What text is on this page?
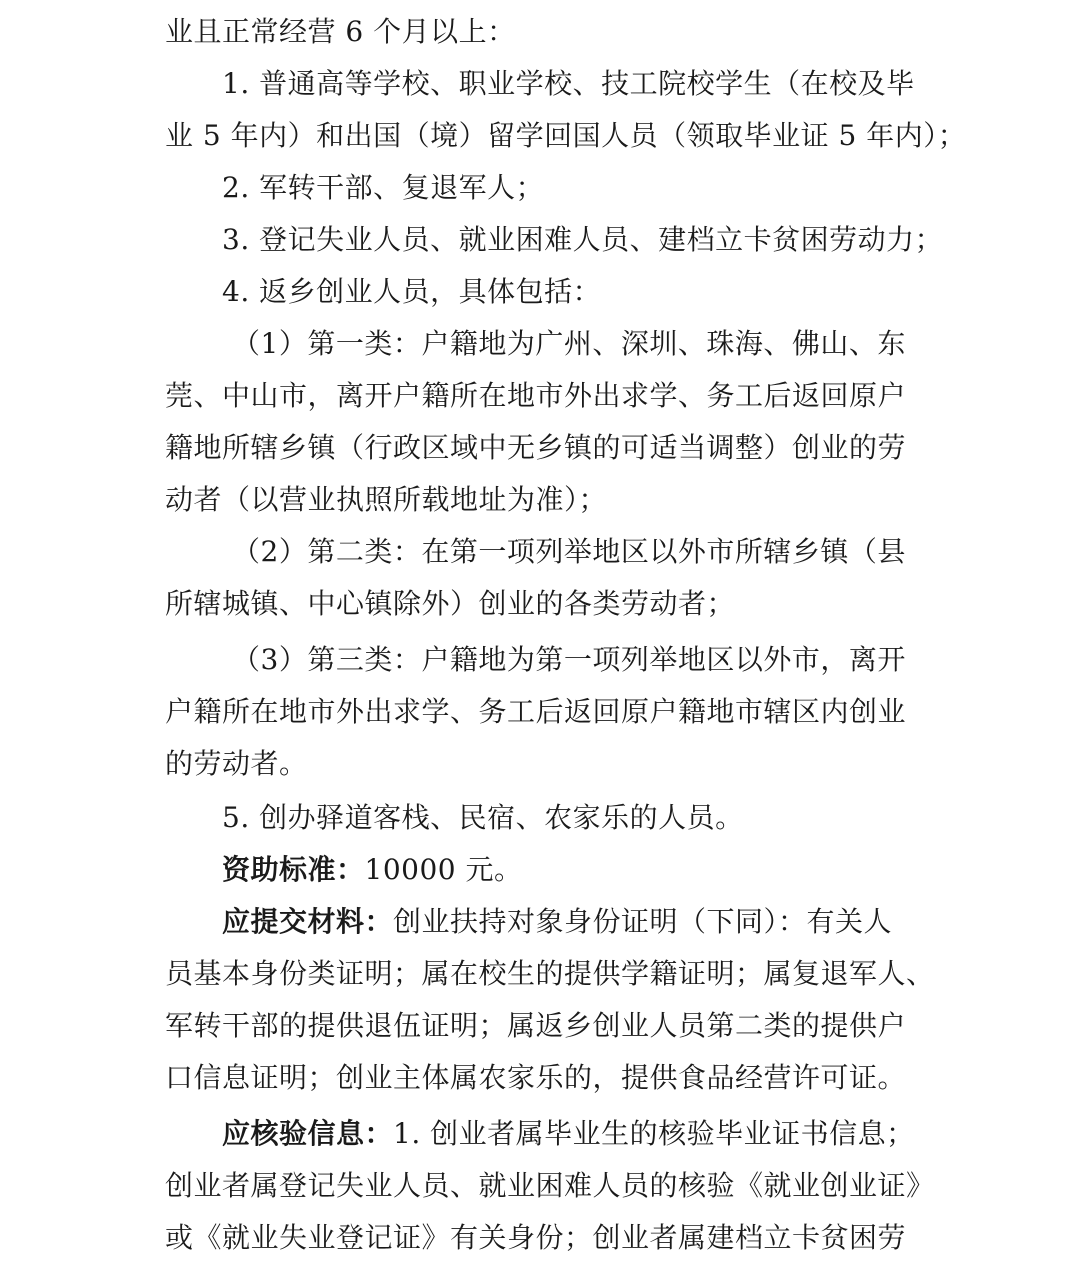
业且正常经营 6 个月以上：
1. 普通高等学校、职业学校、技工院校学生（在校及毕
业 5 年内）和出国（境）留学回国人员（领取毕业证 5 年内）；
2. 军转干部、复退军人；
3. 登记失业人员、就业困难人员、建档立卡贫困劳动力；
4. 返乡创业人员，具体包括：
（1）第一类：户籍地为广州、深圳、珠海、佛山、东
莞、中山市，离开户籍所在地市外出求学、务工后返回原户
籍地所辖乡镇（行政区域中无乡镇的可适当调整）创业的劳
动者（以营业执照所载地址为准）；
（2）第二类：在第一项列举地区以外市所辖乡镇（县
所辖城镇、中心镇除外）创业的各类劳动者；
（3）第三类：户籍地为第一项列举地区以外市，离开
户籍所在地市外出求学、务工后返回原户籍地市辖区内创业
的劳动者。
5. 创办驿道客栈、民宿、农家乐的人员。
资助标准：10000 元。
应提交材料：创业扶持对象身份证明（下同）：有关人
员基本身份类证明；属在校生的提供学籍证明；属复退军人、
军转干部的提供退伍证明；属返乡创业人员第二类的提供户
口信息证明；创业主体属农家乐的，提供食品经营许可证。
应核验信息：1. 创业者属毕业生的核验毕业证书信息；
创业者属登记失业人员、就业困难人员的核验《就业创业证》
或《就业失业登记证》有关身份；创业者属建档立卡贫困劳
